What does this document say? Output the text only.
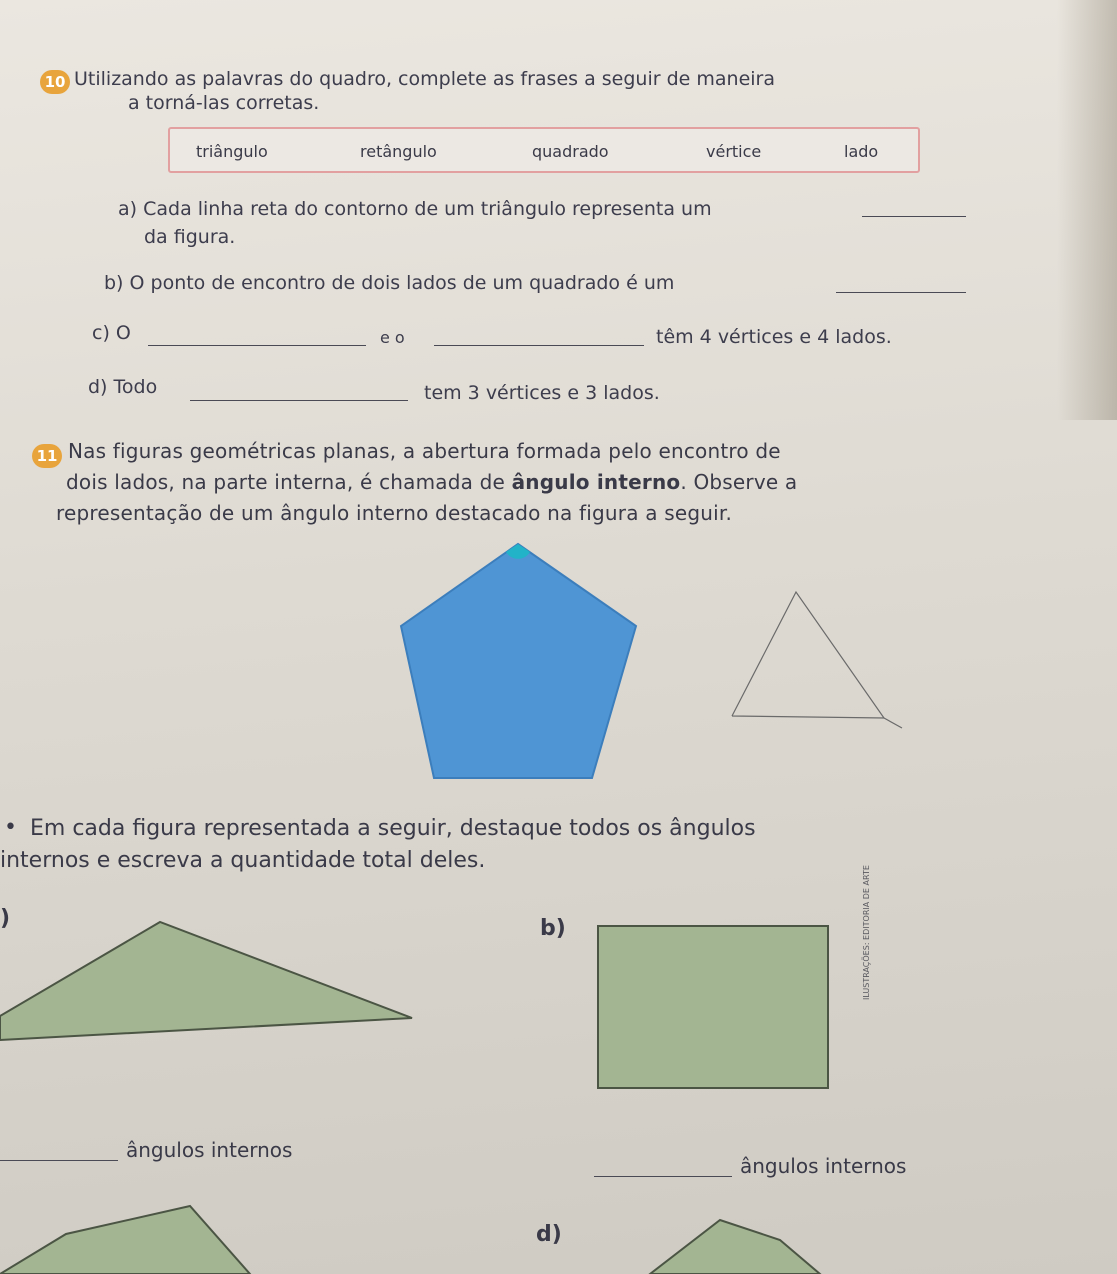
10 Utilizando as palavras do quadro, complete as frases a seguir de maneira
a torná-las corretas.
triângulo	retângulo	quadrado	vértice	lado
a) Cada linha reta do contorno de um triângulo representa um
da figura.
b) O ponto de encontro de dois lados de um quadrado é um
c) O	e o	têm 4 vértices e 4 lados.
d) Todo	tem 3 vértices e 3 lados.
11 Nas figuras geométricas planas, a abertura formada pelo encontro de
dois lados, na parte interna, é chamada de ângulo interno. Observe a
representação de um ângulo interno destacado na figura a seguir.
• Em cada figura representada a seguir, destaque todos os ângulos
internos e escreva a quantidade total deles.
)	b)	ILUSTRAÇÕES: EDITORIA DE ARTE
ângulos internos
ângulos internos
d)
